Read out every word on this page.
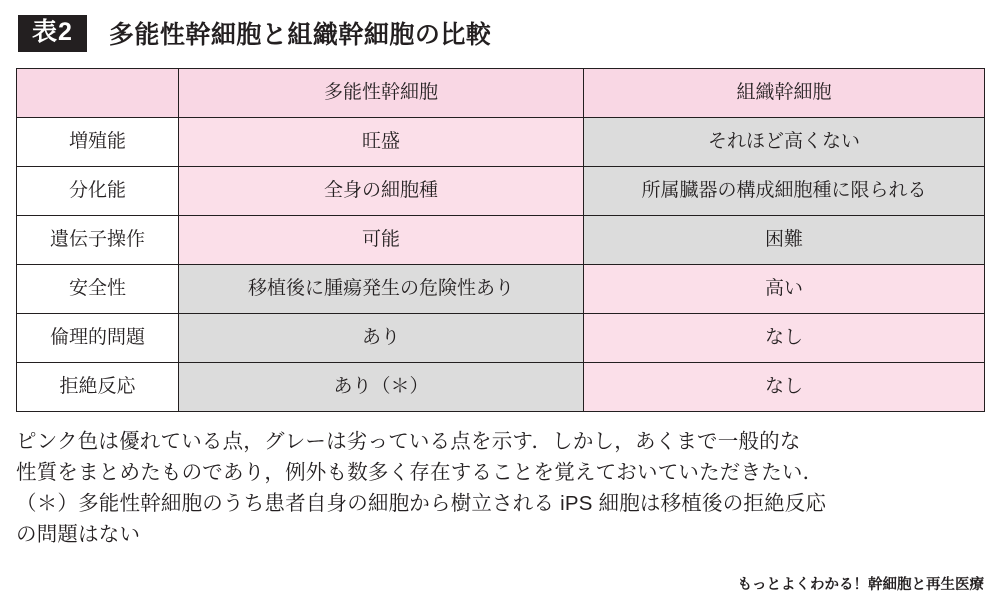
表2	多能性幹細胞と組織幹細胞の比較
	多能性幹細胞	組織幹細胞
増殖能	旺盛	それほど高くない
分化能	全身の細胞種	所属臓器の構成細胞種に限られる
遺伝子操作	可能	困難
安全性	移植後に腫瘍発生の危険性あり	高い
倫理的問題	あり	なし
拒絶反応	あり（＊）	なし
ピンク色は優れている点，グレーは劣っている点を示す．しかし，あくまで一般的な
性質をまとめたものであり，例外も数多く存在することを覚えておいていただきたい．
（＊）多能性幹細胞のうち患者自身の細胞から樹立される iPS 細胞は移植後の拒絶反応
の問題はない
もっとよくわかる！幹細胞と再生医療
